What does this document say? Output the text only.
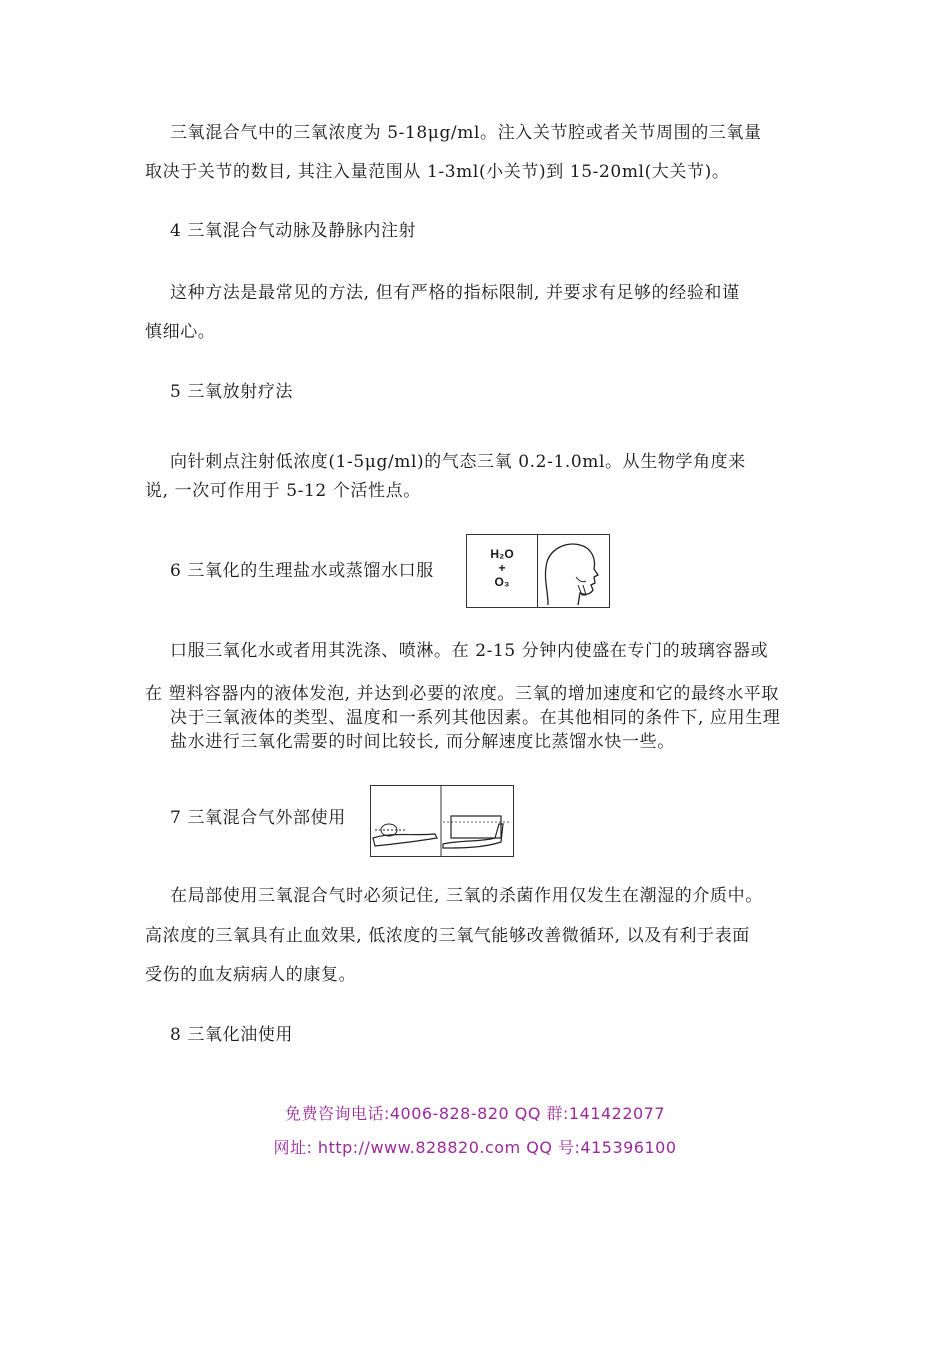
三氧混合气中的三氧浓度为 5-18μg/ml。注入关节腔或者关节周围的三氧量
取决于关节的数目, 其注入量范围从 1-3ml(小关节)到 15-20ml(大关节)。
4 三氧混合气动脉及静脉内注射
这种方法是最常见的方法, 但有严格的指标限制, 并要求有足够的经验和谨
慎细心。
5 三氧放射疗法
向针刺点注射低浓度(1-5μg/ml)的气态三氧 0.2-1.0ml。从生物学角度来
说, 一次可作用于 5-12 个活性点。
6 三氧化的生理盐水或蒸馏水口服
H₂O
+
O₃
口服三氧化水或者用其洗涤、喷淋。在 2-15 分钟内使盛在专门的玻璃容器或
在 塑料容器内的液体发泡, 并达到必要的浓度。三氧的增加速度和它的最终水平取
决于三氧液体的类型、温度和一系列其他因素。在其他相同的条件下, 应用生理
盐水进行三氧化需要的时间比较长, 而分解速度比蒸馏水快一些。
7 三氧混合气外部使用
在局部使用三氧混合气时必须记住, 三氧的杀菌作用仅发生在潮湿的介质中。
高浓度的三氧具有止血效果, 低浓度的三氧气能够改善微循环, 以及有利于表面
受伤的血友病病人的康复。
8 三氧化油使用
免费咨询电话:4006-828-820 QQ 群:141422077
网址: http://www.828820.com QQ 号:415396100
